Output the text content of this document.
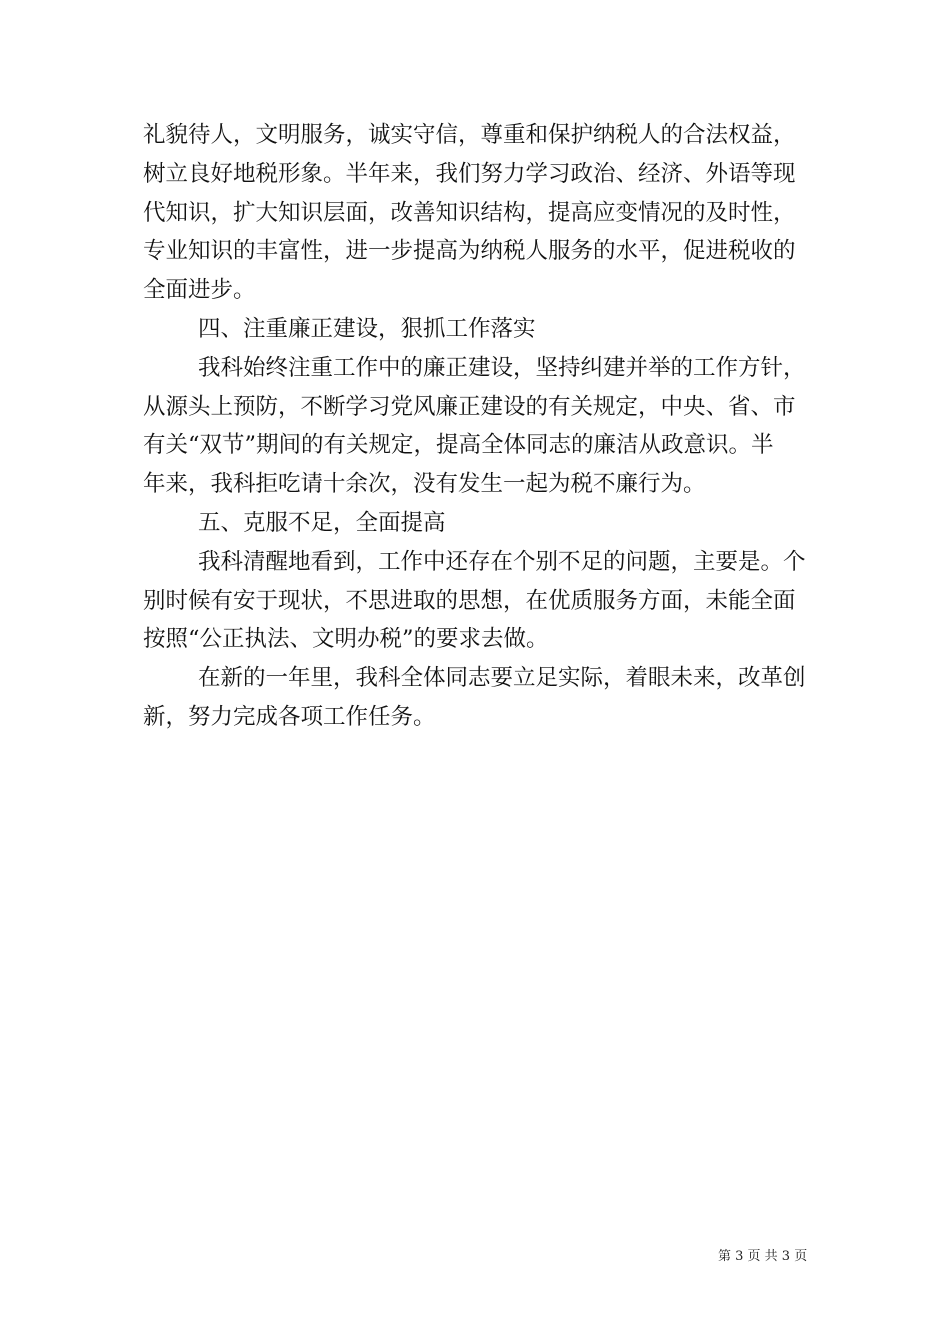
礼貌待人，文明服务，诚实守信，尊重和保护纳税人的合法权益，
树立良好地税形象。半年来，我们努力学习政治、经济、外语等现
代知识，扩大知识层面，改善知识结构，提高应变情况的及时性，
专业知识的丰富性，进一步提高为纳税人服务的水平，促进税收的
全面进步。
四、注重廉正建设，狠抓工作落实
我科始终注重工作中的廉正建设，坚持纠建并举的工作方针，
从源头上预防，不断学习党风廉正建设的有关规定，中央、省、市
有关“双节”期间的有关规定，提高全体同志的廉洁从政意识。半
年来，我科拒吃请十余次，没有发生一起为税不廉行为。
五、克服不足，全面提高
我科清醒地看到，工作中还存在个别不足的问题，主要是。个
别时候有安于现状，不思进取的思想，在优质服务方面，未能全面
按照“公正执法、文明办税”的要求去做。
在新的一年里，我科全体同志要立足实际，着眼未来，改革创
新，努力完成各项工作任务。
第 3 页 共 3 页
